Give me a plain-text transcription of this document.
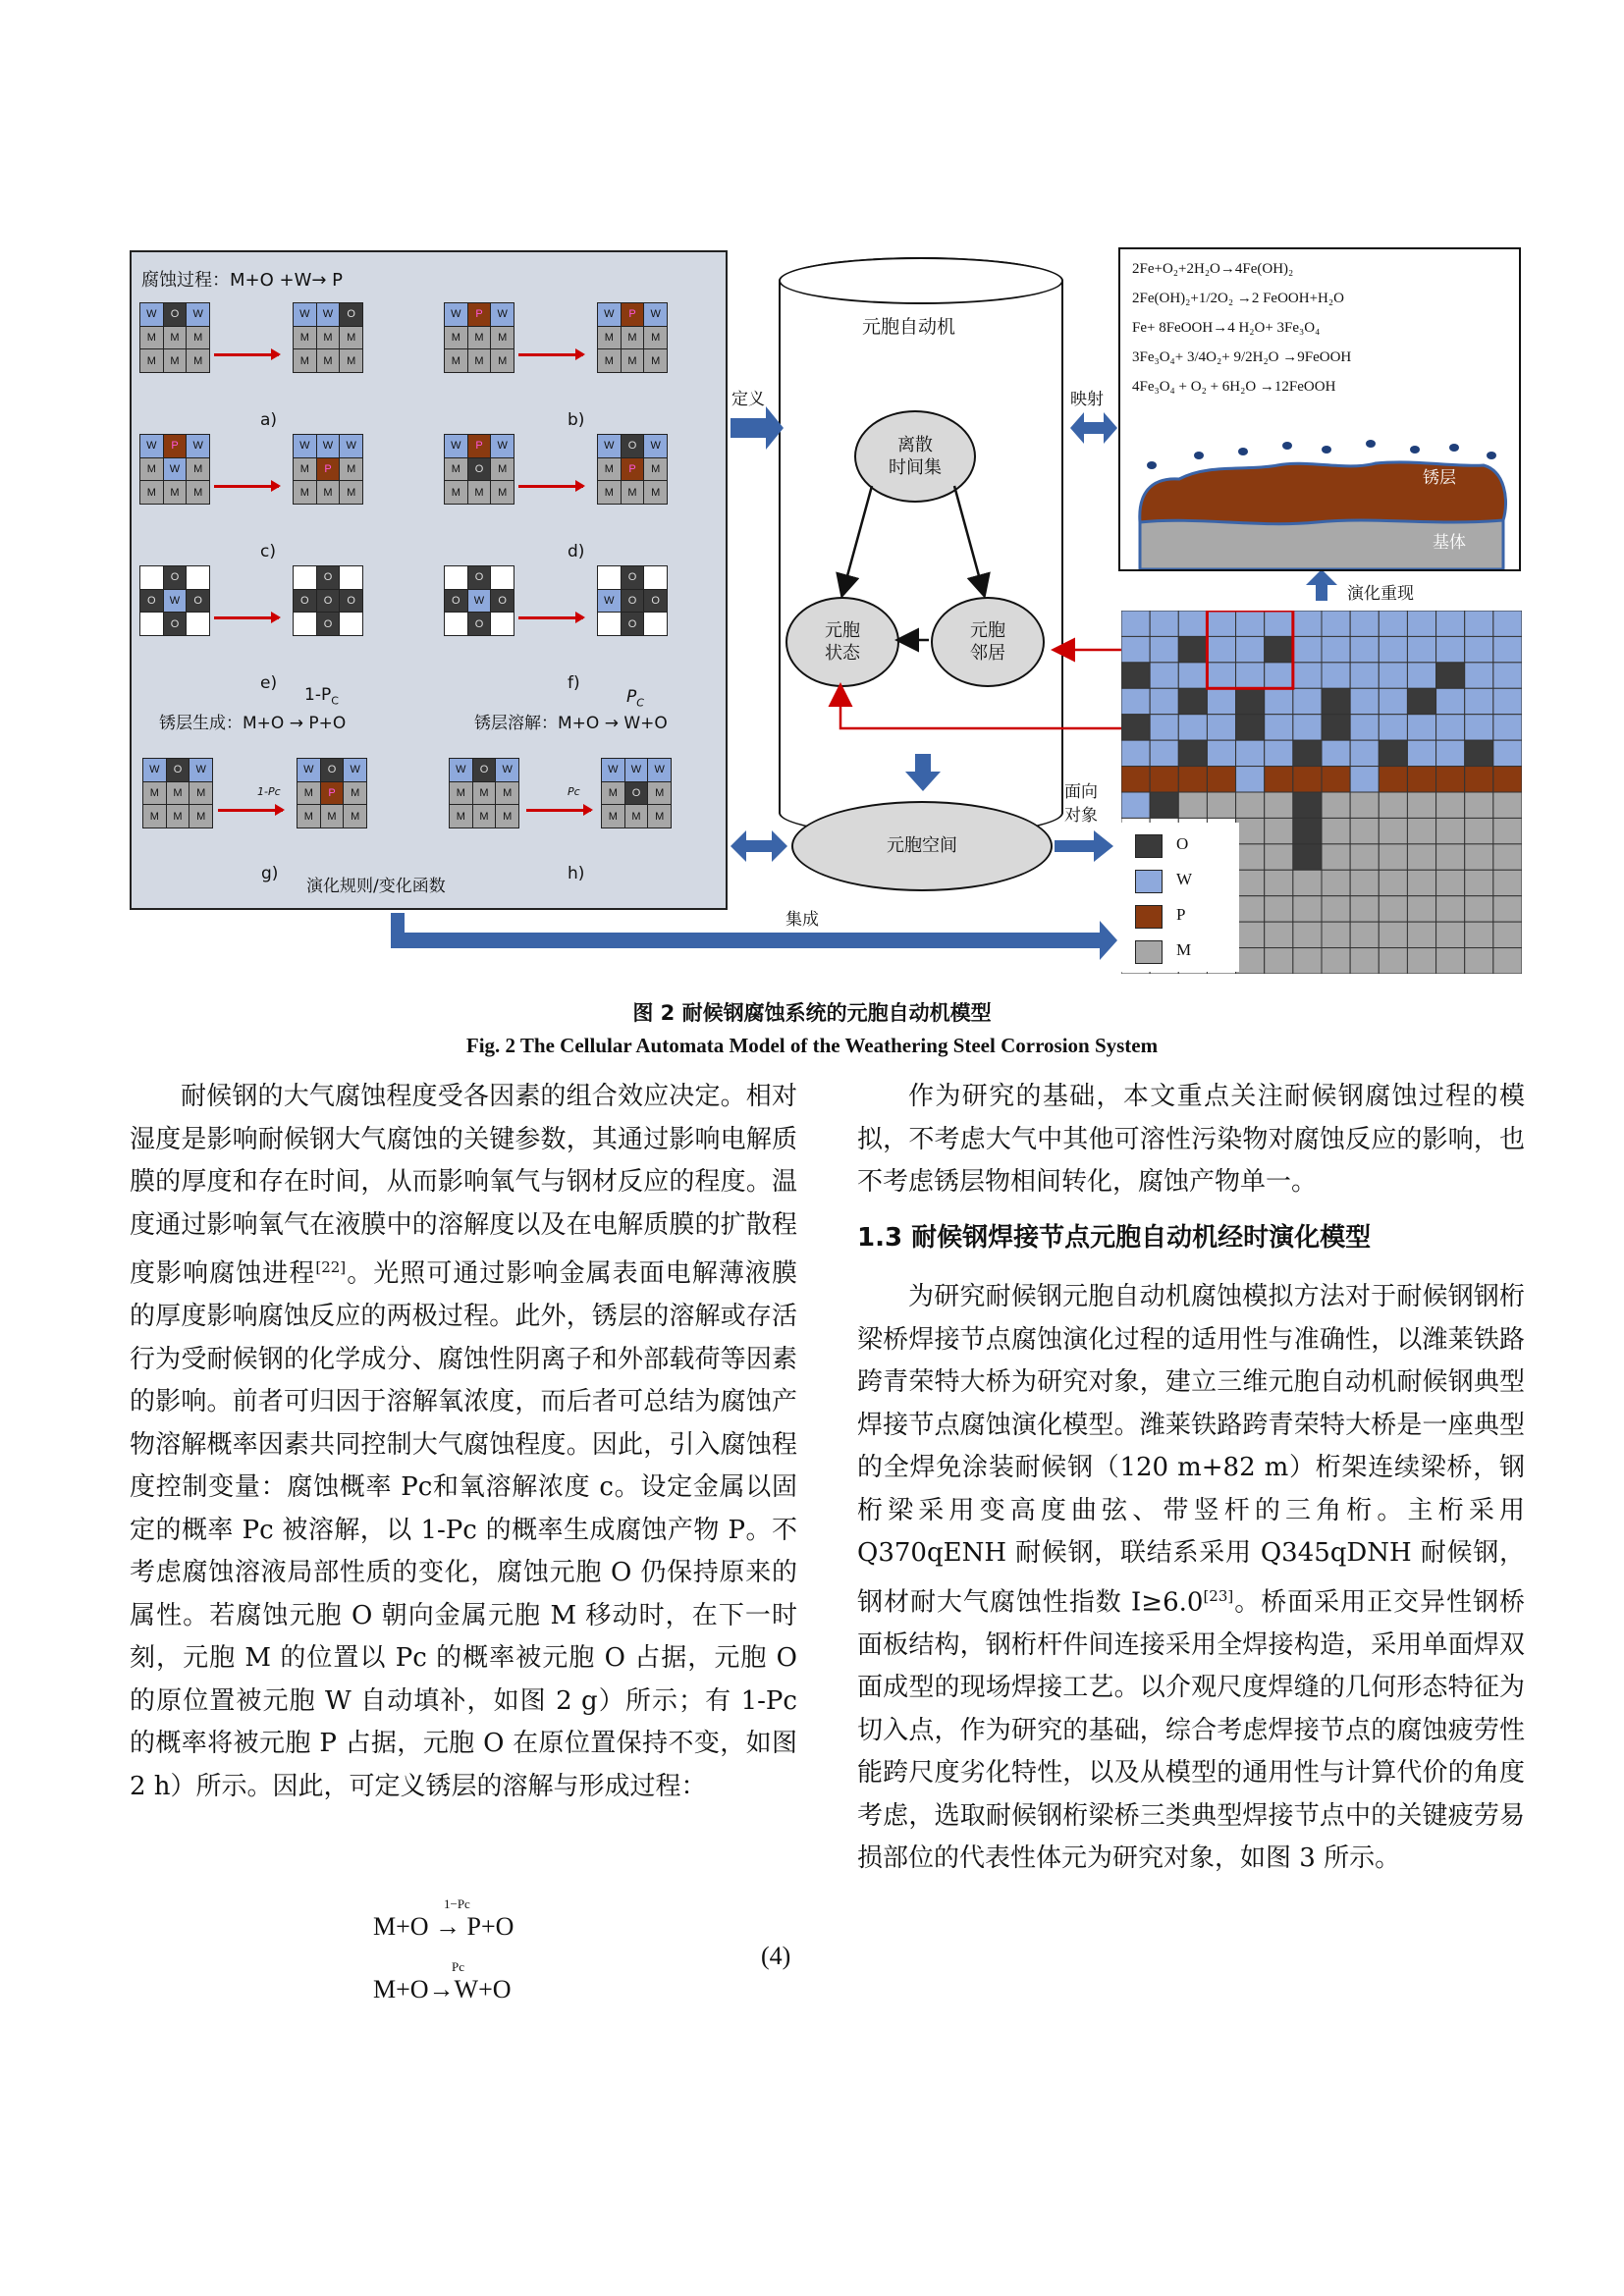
腐蚀过程：M+O +W→ P
W	O	W
M	M	M
M	M	M
W	W	O
M	M	M
M	M	M
W	P	W
M	M	M
M	M	M
W	P	W
M	M	M
M	M	M
W	P	W
M	W	M
M	M	M
W	W	W
M	P	M
M	M	M
W	P	W
M	O	M
M	M	M
W	O	W
M	P	M
M	M	M
O
O	W	O
O
O
O	O	O
O
O
O	W	O
O
O
W	O	O
O
W	O	W
M	M	M
M	M	M
W	O	W
M	P	M
M	M	M
W	O	W
M	M	M
M	M	M
W	W	W
M	O	M
M	M	M
a)	b)
c)	d)
e)	f)
g)	h)
1-Pc	Pc
$1-P_C$
锈层生成：M+O → P+O
$P_C$
锈层溶解：M+O → W+O
演化规则/变化函数
元胞自动机
离散
时间集
元胞
状态
元胞
邻居
元胞空间
定义	映射
集成
面向
对象
演化重现
2Fe+O₂+2H₂O→4Fe(OH)₂
2Fe(OH)₂+1/2O₂ →2 FeOOH+H₂O
Fe+ 8FeOOH→4 H₂O+ 3Fe₃O₄
3Fe₃O₄+ 3/4O₂+ 9/2H₂O →9FeOOH
4Fe₃O₄ + O₂ + 6H₂O →12FeOOH
锈层
基体
O
W
P
M
图 2 耐候钢腐蚀系统的元胞自动机模型
Fig. 2 The Cellular Automata Model of the Weathering Steel Corrosion System

耐候钢的大气腐蚀程度受各因素的组合效应决定。相对湿度是影响耐候钢大气腐蚀的关键参数，其通过影响电解质膜的厚度和存在时间，从而影响氧气与钢材反应的程度。温度通过影响氧气在液膜中的溶解度以及在电解质膜的扩散程度影响腐蚀进程[22]。光照可通过影响金属表面电解薄液膜的厚度影响腐蚀反应的两极过程。此外，锈层的溶解或存活行为受耐候钢的化学成分、腐蚀性阴离子和外部载荷等因素的影响。前者可归因于溶解氧浓度，而后者可总结为腐蚀产物溶解概率因素共同控制大气腐蚀程度。因此，引入腐蚀程度控制变量：腐蚀概率 Pc和氧溶解浓度 c。设定金属以固定的概率 Pc 被溶解，以 1-Pc 的概率生成腐蚀产物 P。不考虑腐蚀溶液局部性质的变化，腐蚀元胞 O 仍保持原来的属性。若腐蚀元胞 O 朝向金属元胞 M 移动时，在下一时刻，元胞 M 的位置以 Pc 的概率被元胞 O 占据，元胞 O 的原位置被元胞 W 自动填补，如图 2 g）所示；有 1-Pc 的概率将被元胞 P 占据，元胞 O 在原位置保持不变，如图 2 h）所示。因此，可定义锈层的溶解与形成过程：

1−Pc
M+O → P+O
Pc
M+O→W+O
(4)

作为研究的基础，本文重点关注耐候钢腐蚀过程的模拟，不考虑大气中其他可溶性污染物对腐蚀反应的影响，也不考虑锈层物相间转化，腐蚀产物单一。

1.3 耐候钢焊接节点元胞自动机经时演化模型

为研究耐候钢元胞自动机腐蚀模拟方法对于耐候钢钢桁梁桥焊接节点腐蚀演化过程的适用性与准确性，以潍莱铁路跨青荣特大桥为研究对象，建立三维元胞自动机耐候钢典型焊接节点腐蚀演化模型。潍莱铁路跨青荣特大桥是一座典型的全焊免涂装耐候钢（120 m+82 m）桁架连续梁桥，钢桁梁采用变高度曲弦、带竖杆的三角桁。主桁采用 Q370qENH 耐候钢，联结系采用 Q345qDNH 耐候钢，钢材耐大气腐蚀性指数 I≥6.0[23]。桥面采用正交异性钢桥面板结构，钢桁杆件间连接采用全焊接构造，采用单面焊双面成型的现场焊接工艺。以介观尺度焊缝的几何形态特征为切入点，作为研究的基础，综合考虑焊接节点的腐蚀疲劳性能跨尺度劣化特性，以及从模型的通用性与计算代价的角度考虑，选取耐候钢桁梁桥三类典型焊接节点中的关键疲劳易损部位的代表性体元为研究对象，如图 3 所示。
